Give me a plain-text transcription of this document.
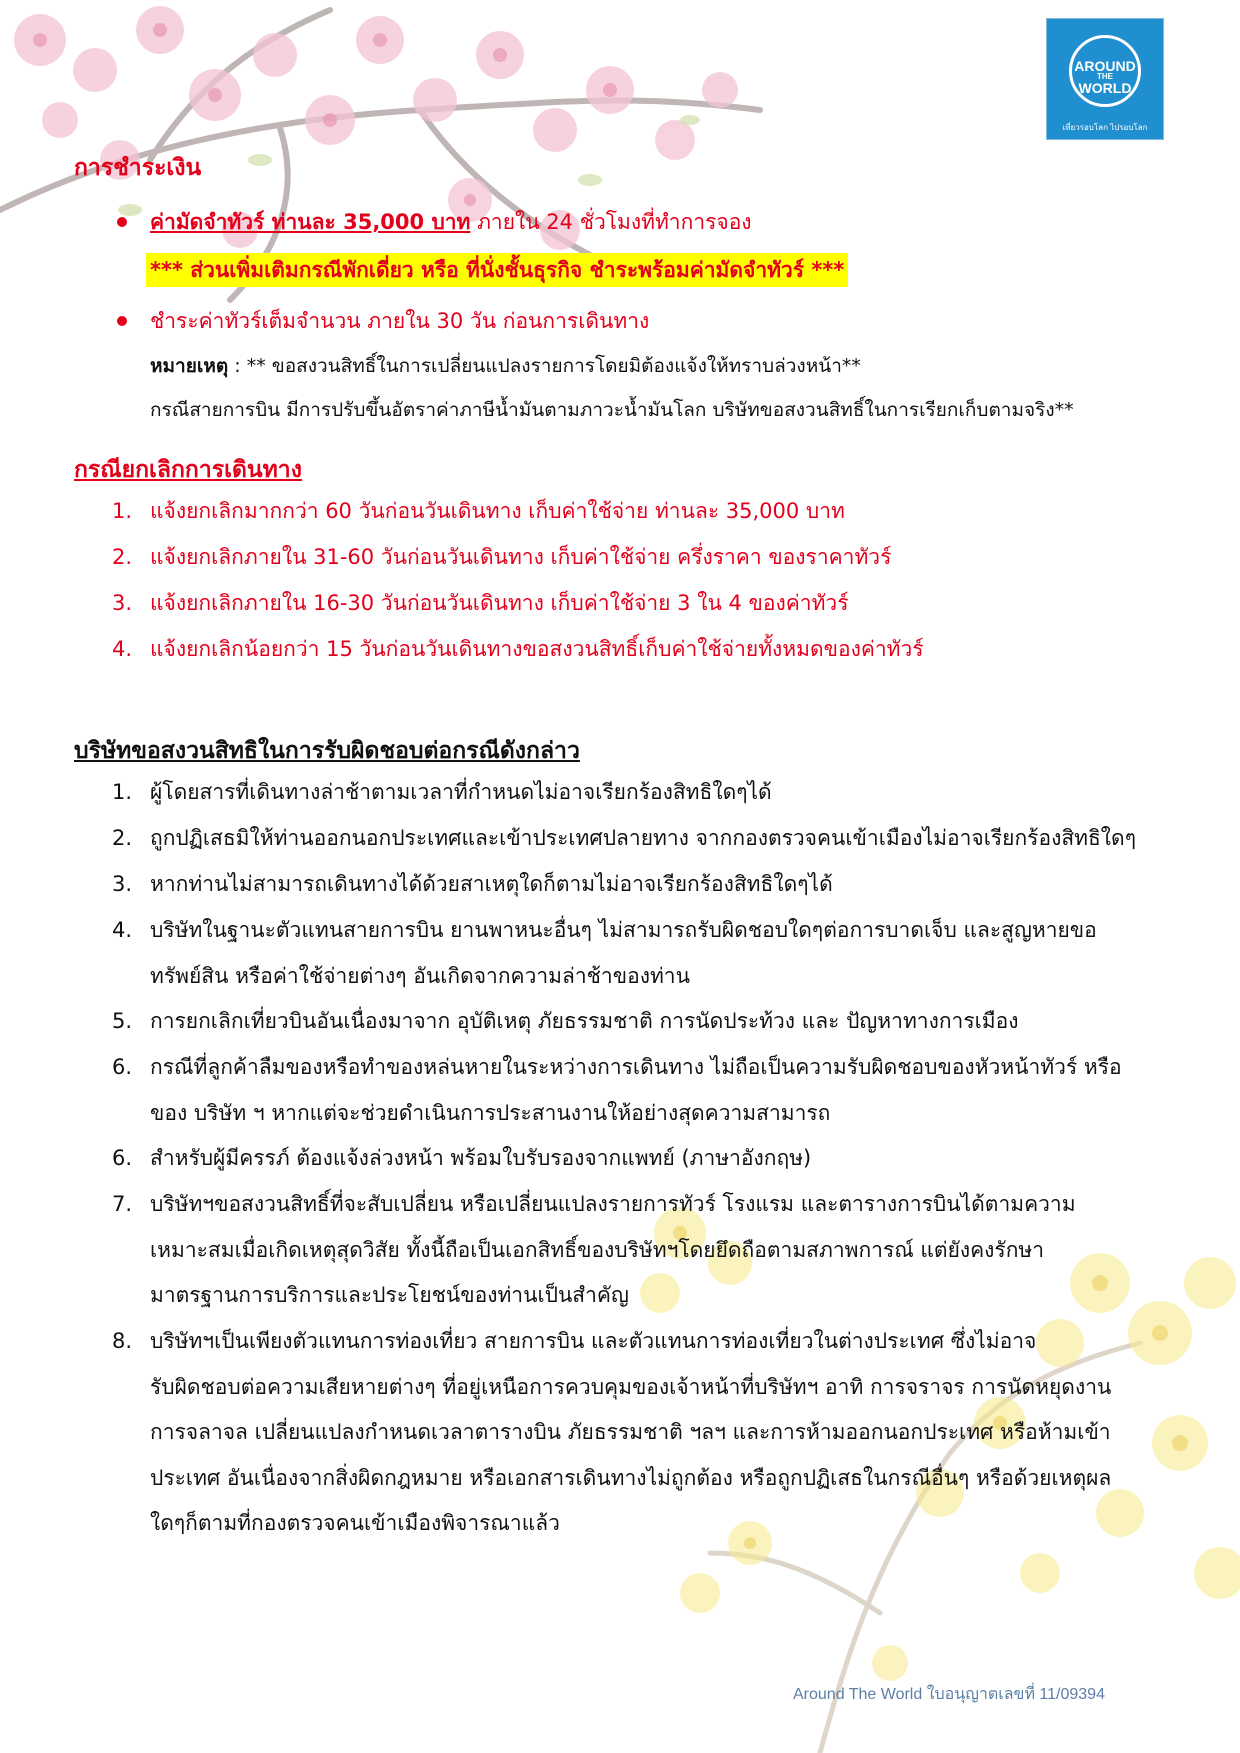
AROUND
THE
WORLD
เที่ยวรอบโลก ไปรอบโลก
การชำระเงิน
ค่ามัดจำทัวร์ ท่านละ 35,000 บาท ภายใน 24 ชั่วโมงที่ทำการจอง
*** ส่วนเพิ่มเติมกรณีพักเดี่ยว หรือ ที่นั่งชั้นธุรกิจ ชำระพร้อมค่ามัดจำทัวร์ ***
ชำระค่าทัวร์เต็มจำนวน ภายใน 30 วัน ก่อนการเดินทาง
หมายเหตุ : ** ขอสงวนสิทธิ์ในการเปลี่ยนแปลงรายการโดยมิต้องแจ้งให้ทราบล่วงหน้า**
กรณีสายการบิน มีการปรับขึ้นอัตราค่าภาษีน้ำมันตามภาวะน้ำมันโลก บริษัทขอสงวนสิทธิ์ในการเรียกเก็บตามจริง**
กรณียกเลิกการเดินทาง
1. แจ้งยกเลิกมากกว่า 60 วันก่อนวันเดินทาง เก็บค่าใช้จ่าย ท่านละ 35,000 บาท
2. แจ้งยกเลิกภายใน 31-60 วันก่อนวันเดินทาง เก็บค่าใช้จ่าย ครึ่งราคา ของราคาทัวร์
3. แจ้งยกเลิกภายใน 16-30 วันก่อนวันเดินทาง เก็บค่าใช้จ่าย 3 ใน 4 ของค่าทัวร์
4. แจ้งยกเลิกน้อยกว่า 15 วันก่อนวันเดินทางขอสงวนสิทธิ์เก็บค่าใช้จ่ายทั้งหมดของค่าทัวร์
บริษัทขอสงวนสิทธิในการรับผิดชอบต่อกรณีดังกล่าว
1. ผู้โดยสารที่เดินทางล่าช้าตามเวลาที่กำหนดไม่อาจเรียกร้องสิทธิใดๆได้
2. ถูกปฏิเสธมิให้ท่านออกนอกประเทศและเข้าประเทศปลายทาง จากกองตรวจคนเข้าเมืองไม่อาจเรียกร้องสิทธิใดๆ
3. หากท่านไม่สามารถเดินทางได้ด้วยสาเหตุใดก็ตามไม่อาจเรียกร้องสิทธิใดๆได้
4. บริษัทในฐานะตัวแทนสายการบิน ยานพาหนะอื่นๆ ไม่สามารถรับผิดชอบใดๆต่อการบาดเจ็บ และสูญหายขอ
ทรัพย์สิน หรือค่าใช้จ่ายต่างๆ อันเกิดจากความล่าช้าของท่าน
5. การยกเลิกเที่ยวบินอันเนื่องมาจาก อุบัติเหตุ ภัยธรรมชาติ การนัดประท้วง และ ปัญหาทางการเมือง
6. กรณีที่ลูกค้าลืมของหรือทำของหล่นหายในระหว่างการเดินทาง ไม่ถือเป็นความรับผิดชอบของหัวหน้าทัวร์ หรือ
ของ บริษัท ฯ หากแต่จะช่วยดำเนินการประสานงานให้อย่างสุดความสามารถ
6. สำหรับผู้มีครรภ์ ต้องแจ้งล่วงหน้า พร้อมใบรับรองจากแพทย์ (ภาษาอังกฤษ)
7. บริษัทฯขอสงวนสิทธิ์ที่จะสับเปลี่ยน หรือเปลี่ยนแปลงรายการทัวร์ โรงแรม และตารางการบินได้ตามความ
เหมาะสมเมื่อเกิดเหตุสุดวิสัย ทั้งนี้ถือเป็นเอกสิทธิ์ของบริษัทฯโดยยึดถือตามสภาพการณ์ แต่ยังคงรักษา
มาตรฐานการบริการและประโยชน์ของท่านเป็นสำคัญ
8. บริษัทฯเป็นเพียงตัวแทนการท่องเที่ยว สายการบิน และตัวแทนการท่องเที่ยวในต่างประเทศ ซึ่งไม่อาจ
รับผิดชอบต่อความเสียหายต่างๆ ที่อยู่เหนือการควบคุมของเจ้าหน้าที่บริษัทฯ อาทิ การจราจร การนัดหยุดงาน
การจลาจล เปลี่ยนแปลงกำหนดเวลาตารางบิน ภัยธรรมชาติ ฯลฯ และการห้ามออกนอกประเทศ หรือห้ามเข้า
ประเทศ อันเนื่องจากสิ่งผิดกฎหมาย หรือเอกสารเดินทางไม่ถูกต้อง หรือถูกปฏิเสธในกรณีอื่นๆ หรือด้วยเหตุผล
ใดๆก็ตามที่กองตรวจคนเข้าเมืองพิจารณาแล้ว
Around The World ใบอนุญาตเลขที่ 11/09394
